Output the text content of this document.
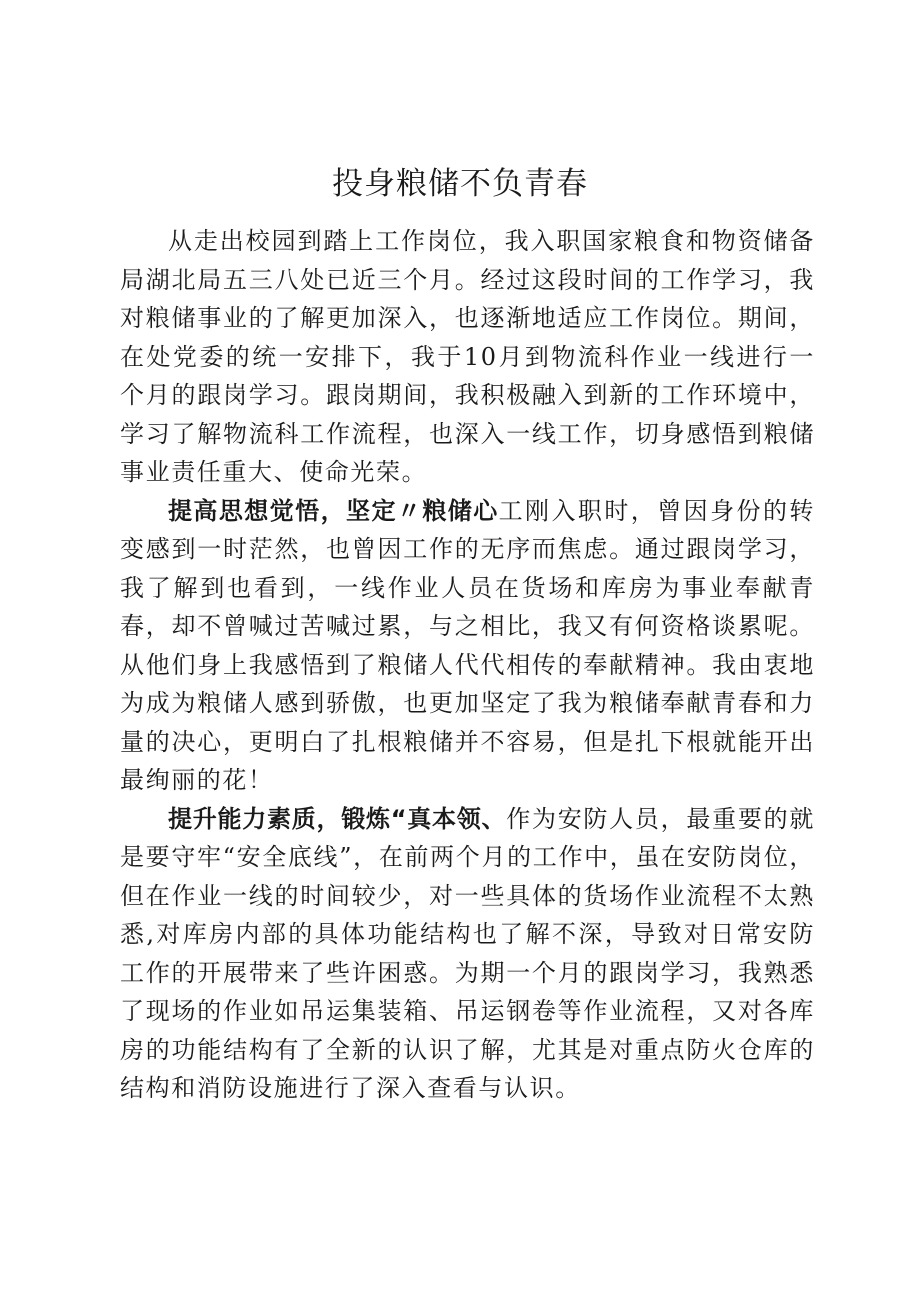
投身粮储不负青春

从走出校园到踏上工作岗位，我入职国家粮食和物资储备局湖北局五三八处已近三个月。经过这段时间的工作学习，我对粮储事业的了解更加深入，也逐渐地适应工作岗位。期间，在处党委的统一安排下，我于10月到物流科作业一线进行一个月的跟岗学习。跟岗期间，我积极融入到新的工作环境中，学习了解物流科工作流程，也深入一线工作，切身感悟到粮储事业责任重大、使命光荣。

提高思想觉悟，坚定〃粮储心工刚入职时，曾因身份的转变感到一时茫然，也曾因工作的无序而焦虑。通过跟岗学习，我了解到也看到，一线作业人员在货场和库房为事业奉献青春，却不曾喊过苦喊过累，与之相比，我又有何资格谈累呢。从他们身上我感悟到了粮储人代代相传的奉献精神。我由衷地为成为粮储人感到骄傲，也更加坚定了我为粮储奉献青春和力量的决心，更明白了扎根粮储并不容易，但是扎下根就能开出最绚丽的花！

提升能力素质，锻炼“真本领、作为安防人员，最重要的就是要守牢“安全底线”，在前两个月的工作中，虽在安防岗位，但在作业一线的时间较少，对一些具体的货场作业流程不太熟悉,对库房内部的具体功能结构也了解不深，导致对日常安防工作的开展带来了些许困惑。为期一个月的跟岗学习，我熟悉了现场的作业如吊运集装箱、吊运钢卷等作业流程，又对各库房的功能结构有了全新的认识了解，尤其是对重点防火仓库的结构和消防设施进行了深入查看与认识。
